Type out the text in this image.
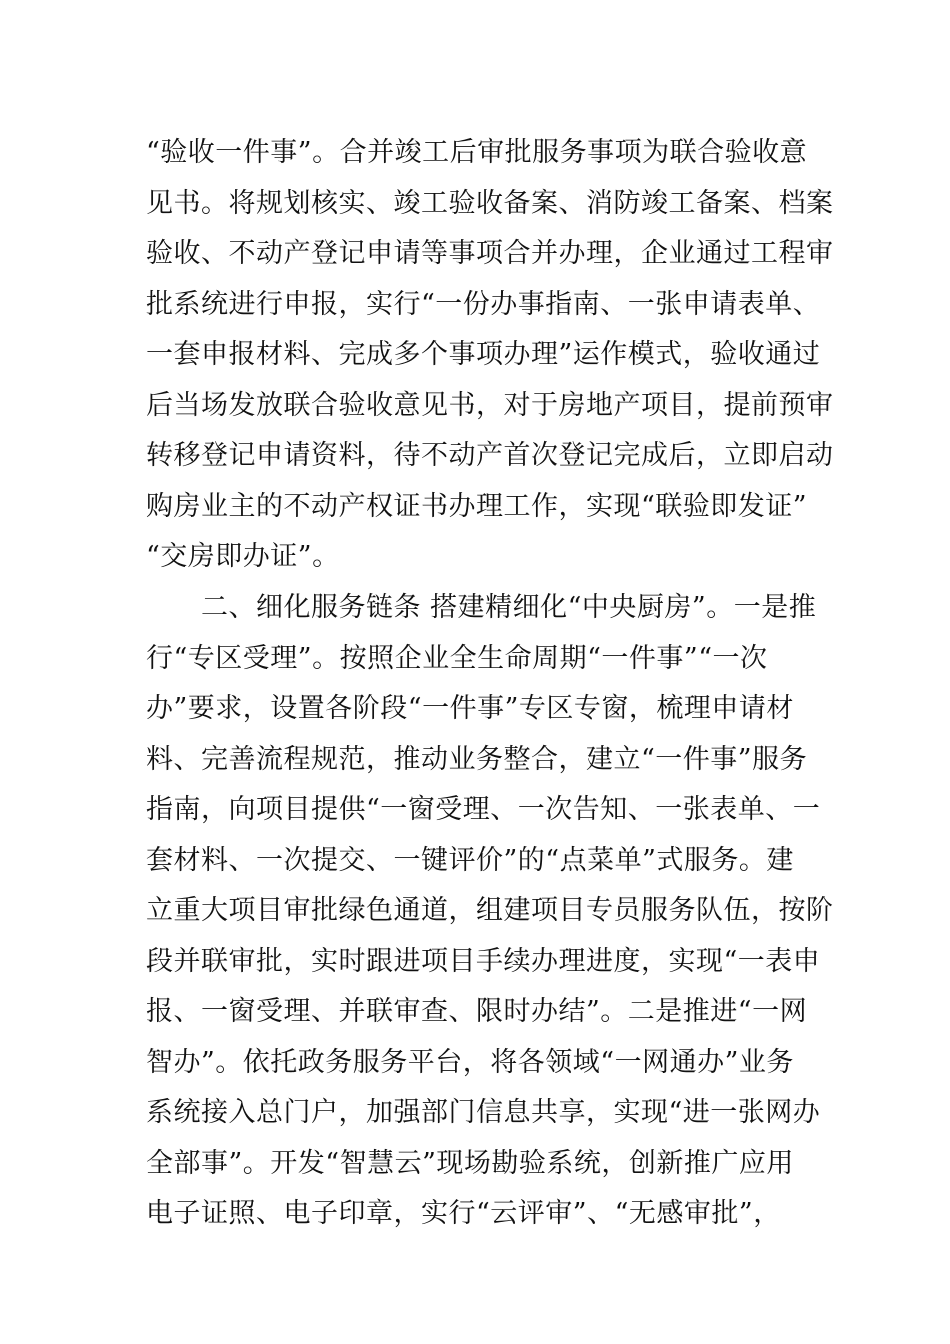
“验收一件事”。合并竣工后审批服务事项为联合验收意
见书。将规划核实、竣工验收备案、消防竣工备案、档案
验收、不动产登记申请等事项合并办理，企业通过工程审
批系统进行申报，实行“一份办事指南、一张申请表单、
一套申报材料、完成多个事项办理”运作模式，验收通过
后当场发放联合验收意见书，对于房地产项目，提前预审
转移登记申请资料，待不动产首次登记完成后，立即启动
购房业主的不动产权证书办理工作，实现“联验即发证”
“交房即办证”。
　　二、细化服务链条 搭建精细化“中央厨房”。一是推
行“专区受理”。按照企业全生命周期“一件事”“一次
办”要求，设置各阶段“一件事”专区专窗，梳理申请材
料、完善流程规范，推动业务整合，建立“一件事”服务
指南，向项目提供“一窗受理、一次告知、一张表单、一
套材料、一次提交、一键评价”的“点菜单”式服务。建
立重大项目审批绿色通道，组建项目专员服务队伍，按阶
段并联审批，实时跟进项目手续办理进度，实现“一表申
报、一窗受理、并联审查、限时办结”。二是推进“一网
智办”。依托政务服务平台，将各领域“一网通办”业务
系统接入总门户，加强部门信息共享，实现“进一张网办
全部事”。开发“智慧云”现场勘验系统，创新推广应用
电子证照、电子印章，实行“云评审”、“无感审批”，
